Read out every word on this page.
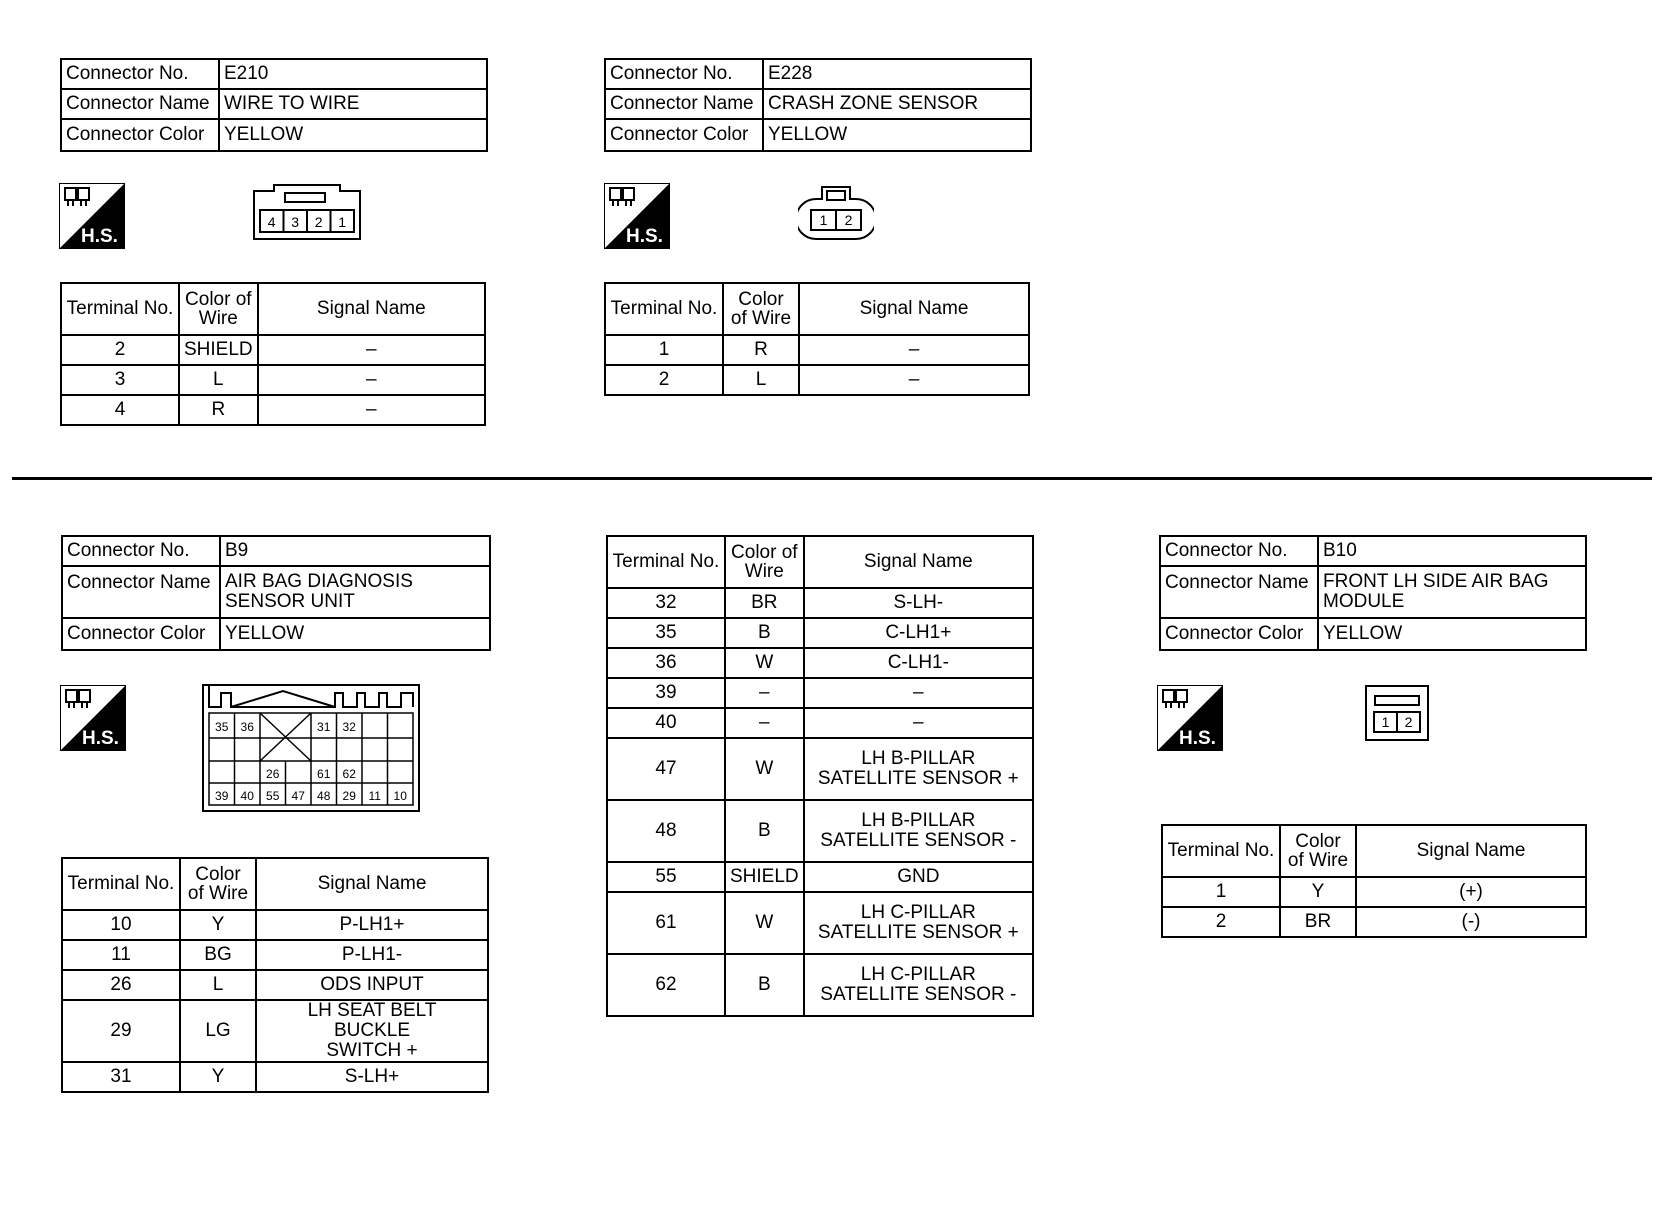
Connector No.	E210
Connector Name	WIRE TO WIRE
Connector Color	YELLOW
H.S.
4 3 2 1
Terminal No.	Color of Wire	Signal Name
2	SHIELD	–
3	L	–
4	R	–
Connector No.	E228
Connector Name	CRASH ZONE SENSOR
Connector Color	YELLOW
H.S.
1 2
Terminal No.	Color of Wire	Signal Name
1	R	–
2	L	–
Connector No.	B9
Connector Name	AIR BAG DIAGNOSIS SENSOR UNIT
Connector Color	YELLOW
H.S.
35 36	31 32
26	61 62
39 40 55 47 48 29 11 10
Terminal No.	Color of Wire	Signal Name
10	Y	P-LH1+
11	BG	P-LH1-
26	L	ODS INPUT
29	LG	LH SEAT BELT BUCKLE SWITCH +
31	Y	S-LH+
Terminal No.	Color of Wire	Signal Name
32	BR	S-LH-
35	B	C-LH1+
36	W	C-LH1-
39	–	–
40	–	–
47	W	LH B-PILLAR SATELLITE SENSOR +
48	B	LH B-PILLAR SATELLITE SENSOR -
55	SHIELD	GND
61	W	LH C-PILLAR SATELLITE SENSOR +
62	B	LH C-PILLAR SATELLITE SENSOR -
Connector No.	B10
Connector Name	FRONT LH SIDE AIR BAG MODULE
Connector Color	YELLOW
H.S.
1 2
Terminal No.	Color of Wire	Signal Name
1	Y	(+)
2	BR	(-)
